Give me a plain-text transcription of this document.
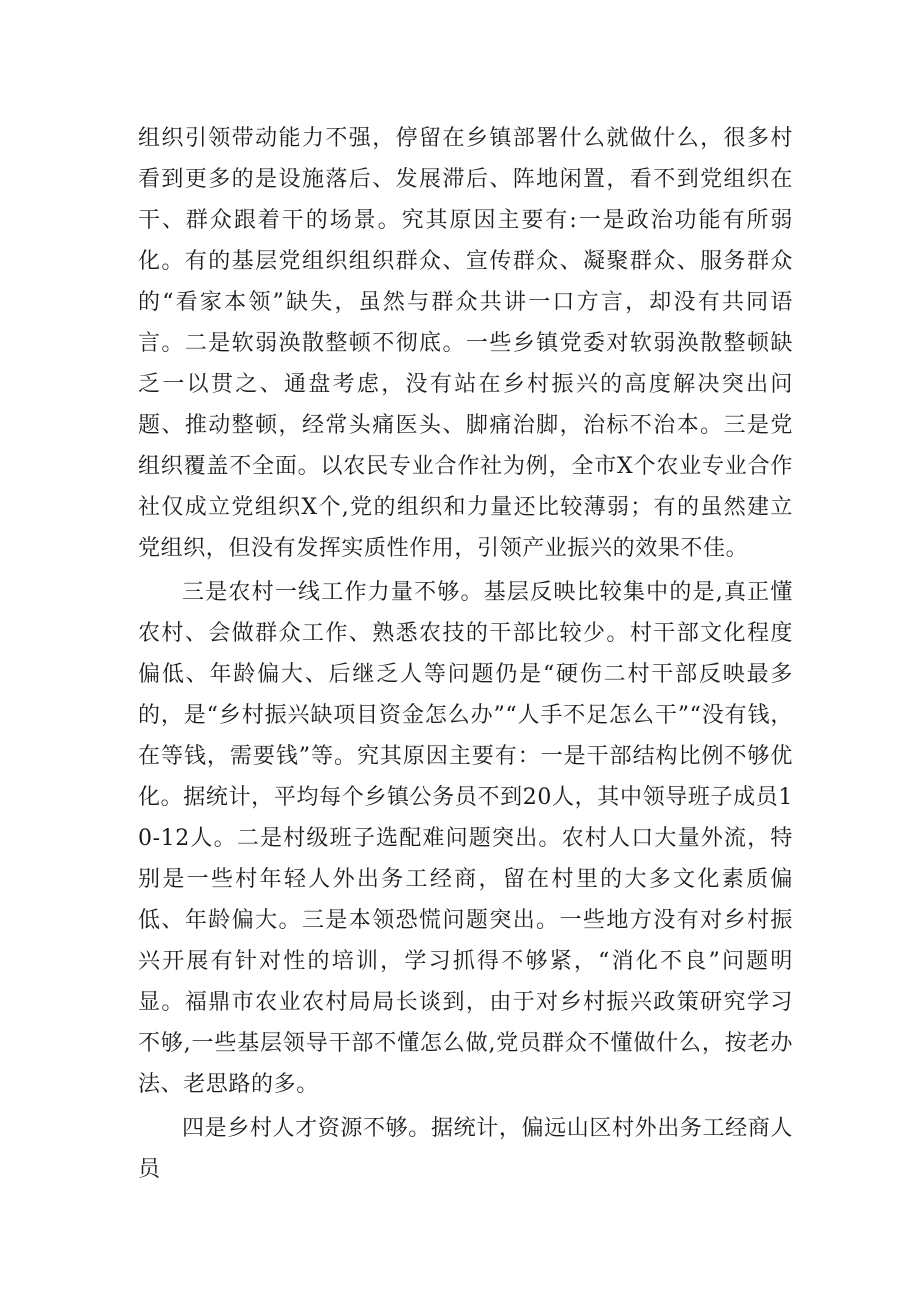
组织引领带动能力不强，停留在乡镇部署什么就做什么，很多村看到更多的是设施落后、发展滞后、阵地闲置，看不到党组织在干、群众跟着干的场景。究其原因主要有:一是政治功能有所弱化。有的基层党组织组织群众、宣传群众、凝聚群众、服务群众的“看家本领”缺失，虽然与群众共讲一口方言，却没有共同语言。二是软弱涣散整顿不彻底。一些乡镇党委对软弱涣散整顿缺乏一以贯之、通盘考虑，没有站在乡村振兴的高度解决突出问题、推动整顿，经常头痛医头、脚痛治脚，治标不治本。三是党组织覆盖不全面。以农民专业合作社为例，全市X个农业专业合作社仅成立党组织X个,党的组织和力量还比较薄弱；有的虽然建立党组织，但没有发挥实质性作用，引领产业振兴的效果不佳。

三是农村一线工作力量不够。基层反映比较集中的是,真正懂农村、会做群众工作、熟悉农技的干部比较少。村干部文化程度偏低、年龄偏大、后继乏人等问题仍是“硬伤二村干部反映最多的，是“乡村振兴缺项目资金怎么办”“人手不足怎么干”“没有钱，在等钱，需要钱”等。究其原因主要有：一是干部结构比例不够优化。据统计，平均每个乡镇公务员不到20人，其中领导班子成员10-12人。二是村级班子选配难问题突出。农村人口大量外流，特别是一些村年轻人外出务工经商，留在村里的大多文化素质偏低、年龄偏大。三是本领恐慌问题突出。一些地方没有对乡村振兴开展有针对性的培训，学习抓得不够紧，“消化不良”问题明显。福鼎市农业农村局局长谈到，由于对乡村振兴政策研究学习不够,一些基层领导干部不懂怎么做,党员群众不懂做什么，按老办法、老思路的多。

四是乡村人才资源不够。据统计，偏远山区村外出务工经商人员
